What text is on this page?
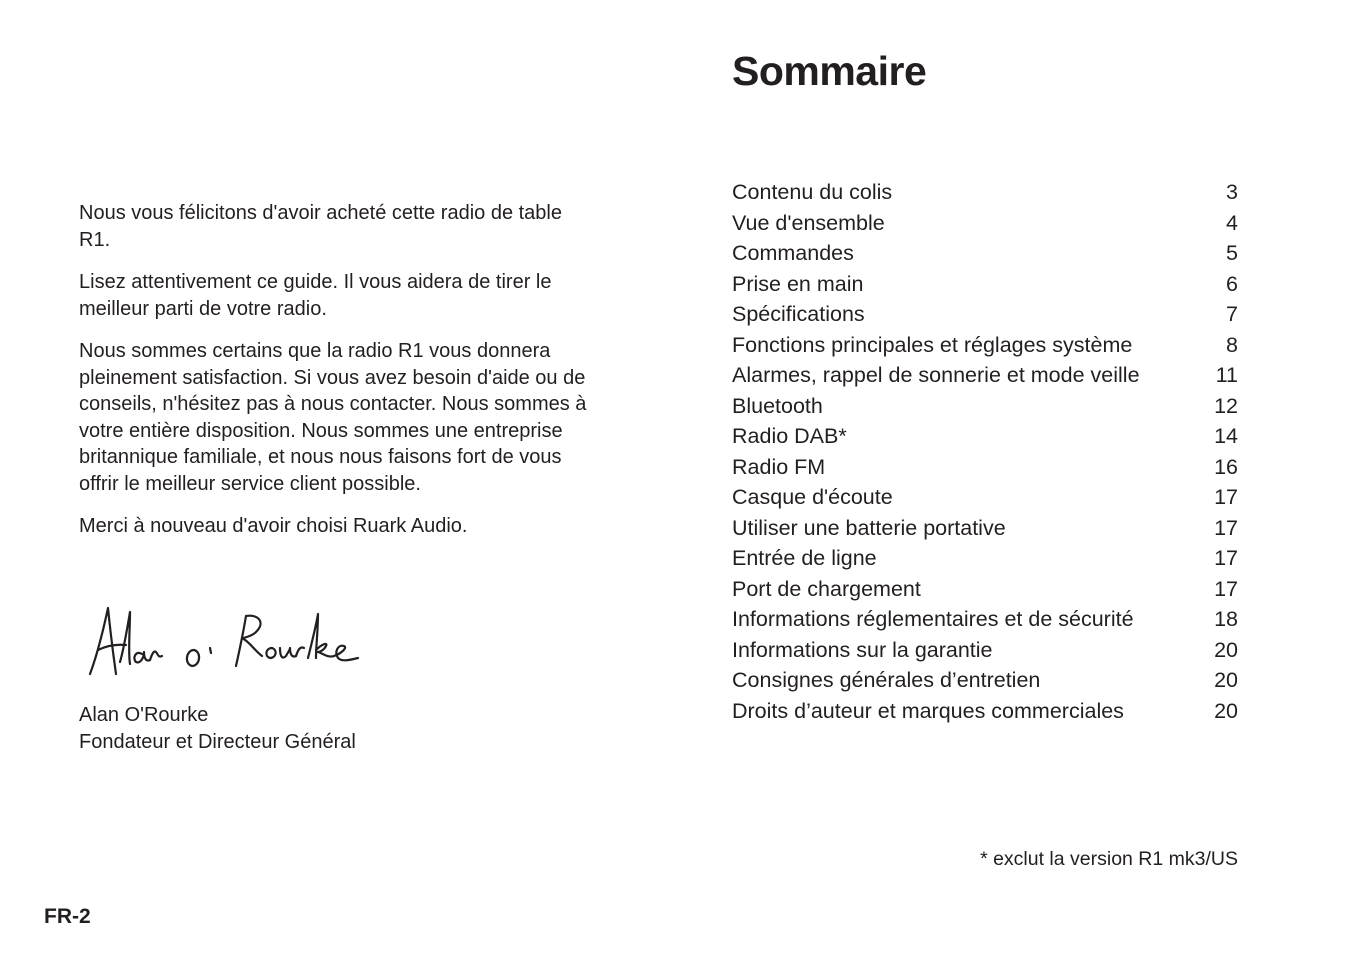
Sommaire

Nous vous félicitons d'avoir acheté cette radio de table R1.

Lisez attentivement ce guide. Il vous aidera de tirer le meilleur parti de votre radio.

Nous sommes certains que la radio R1 vous donnera pleinement satisfaction. Si vous avez besoin d'aide ou de conseils, n'hésitez pas à nous contacter. Nous sommes à votre entière disposition. Nous sommes une entreprise britannique familiale, et nous nous faisons fort de vous offrir le meilleur service client possible.

Merci à nouveau d'avoir choisi Ruark Audio.

Alan O'Rourke
Fondateur et Directeur Général
Contenu du colis	3
Vue d'ensemble	4
Commandes	5
Prise en main	6
Spécifications	7
Fonctions principales et réglages système	8
Alarmes, rappel de sonnerie et mode veille	11
Bluetooth	12
Radio DAB*	14
Radio FM	16
Casque d'écoute	17
Utiliser une batterie portative	17
Entrée de ligne	17
Port de chargement	17
Informations réglementaires et de sécurité	18
Informations sur la garantie	20
Consignes générales d’entretien	20
Droits d’auteur et marques commerciales	20
* exclut la version R1 mk3/US
FR-2
